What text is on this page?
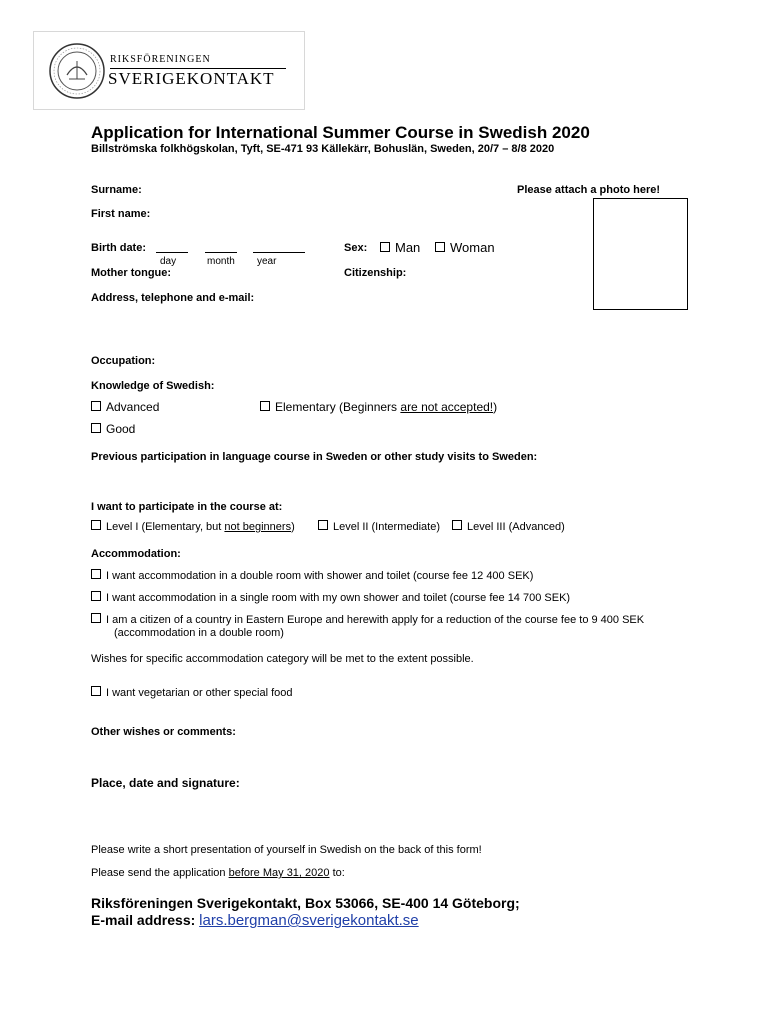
RIKSFÖRENINGEN
SVERIGEKONTAKT
Application for International Summer Course in Swedish 2020
Billströmska folkhögskolan, Tyft, SE-471 93 Källekärr, Bohuslän, Sweden, 20/7 – 8/8 2020
Surname:	Please attach a photo here!
First name:
Birth date:
day	month year
Sex:	Man	Woman
Mother tongue:	Citizenship:
Address, telephone and e-mail:
Occupation:
Knowledge of Swedish:
Advanced	Elementary (Beginners are not accepted!)
Good
Previous participation in language course in Sweden or other study visits to Sweden:
I want to participate in the course at:
Level I (Elementary, but not beginners)	Level II (Intermediate)	Level III (Advanced)
Accommodation:
I want accommodation in a double room with shower and toilet (course fee 12 400 SEK)
I want accommodation in a single room with my own shower and toilet (course fee 14 700 SEK)
I am a citizen of a country in Eastern Europe and herewith apply for a reduction of the course fee to 9 400 SEK
(accommodation in a double room)
Wishes for specific accommodation category will be met to the extent possible.
I want vegetarian or other special food
Other wishes or comments:
Place, date and signature:
Please write a short presentation of yourself in Swedish on the back of this form!
Please send the application before May 31, 2020 to:
Riksföreningen Sverigekontakt, Box 53066, SE-400 14 Göteborg;
E-mail address: lars.bergman@sverigekontakt.se
